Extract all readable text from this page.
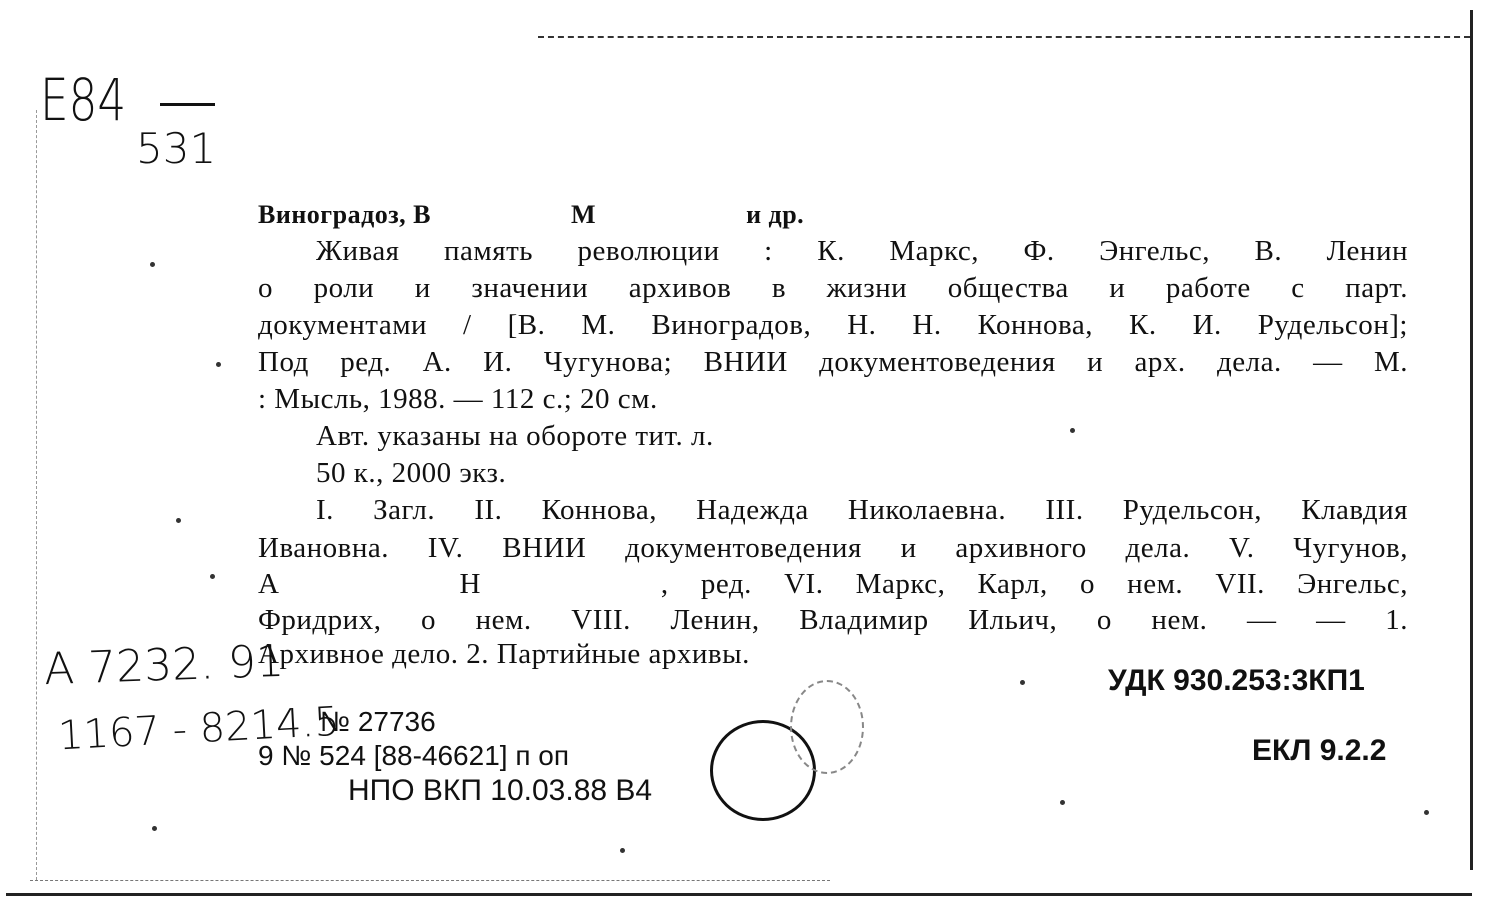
Е84
531
Виноградоз, В	М	и др.
Живая память революции : К. Маркс, Ф. Энгельс, В. Ленин
о роли и значении архивов в жизни общества и работе с парт.
документами / [В. М. Виноградов, Н. Н. Коннова, К. И. Рудельсон];
Под ред. А. И. Чугунова; ВНИИ документоведения и арх. дела. — М.
: Мысль, 1988. — 112 с.; 20 см.
Авт. указаны на обороте тит. л.
50 к., 2000 экз.
I. Загл. II. Коннова, Надежда Николаевна. III. Рудельсон, Клавдия
Ивановна. IV. ВНИИ документоведения и архивного дела. V. Чугунов,
А	Н	, ред. VI. Маркс, Карл, о нем. VII. Энгельс,
Фридрих, о нем. VIII. Ленин, Владимир Ильич, о нем. — — 1.
Архивное дело. 2. Партийные архивы.
УДК 930.253:3КП1
ЕКЛ 9.2.2
А 7232. 91
1167 - 8214.5
№ 27736
9 № 524 [88-46621] п оп
НПО ВКП 10.03.88 В4
